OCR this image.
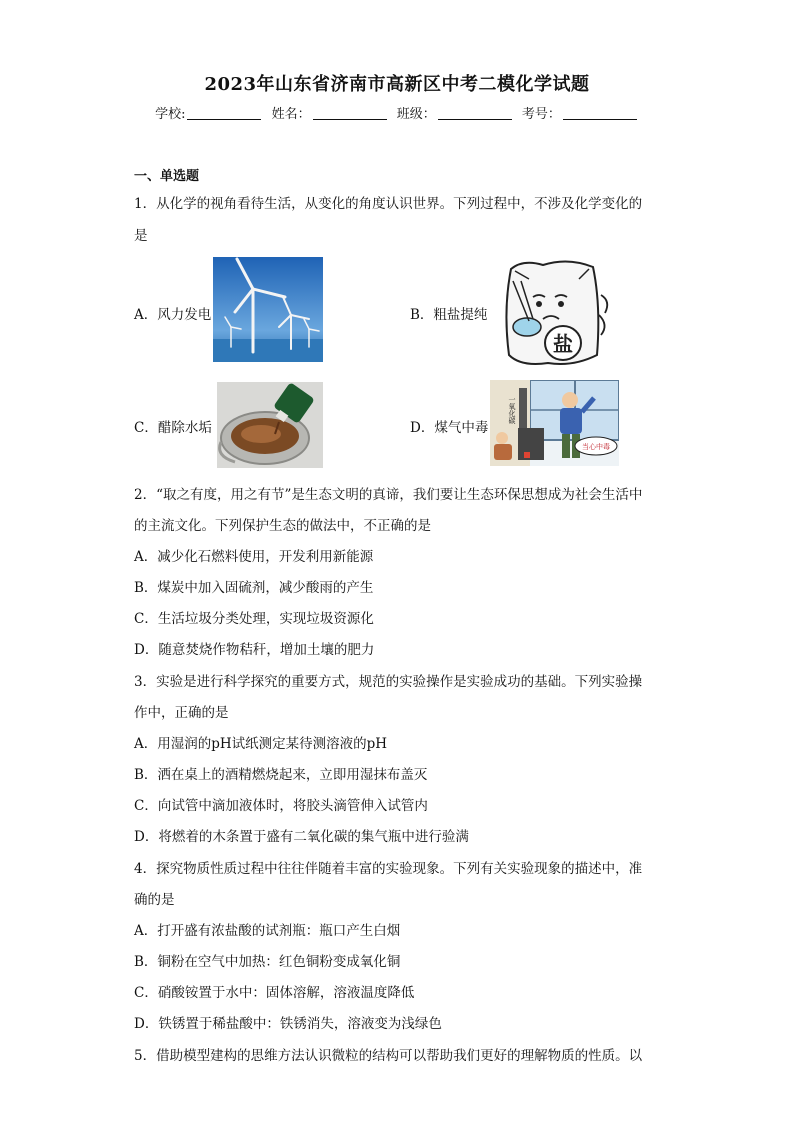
2023年山东省济南市高新区中考二模化学试题
学校:	姓名：	班级：	考号：
一、单选题
1．从化学的视角看待生活，从变化的角度认识世界。下列过程中，不涉及化学变化的
是
A．风力发电	B．粗盐提纯
盐
C．醋除水垢	D．煤气中毒
一氧化碳
当心中毒
2．“取之有度，用之有节”是生态文明的真谛，我们要让生态环保思想成为社会生活中
的主流文化。下列保护生态的做法中，不正确的是
A．减少化石燃料使用，开发利用新能源
B．煤炭中加入固硫剂，减少酸雨的产生
C．生活垃圾分类处理，实现垃圾资源化
D．随意焚烧作物秸秆，增加土壤的肥力
3．实验是进行科学探究的重要方式，规范的实验操作是实验成功的基础。下列实验操
作中，正确的是
A．用湿润的pH试纸测定某待测溶液的pH
B．洒在桌上的酒精燃烧起来，立即用湿抹布盖灭
C．向试管中滴加液体时，将胶头滴管伸入试管内
D．将燃着的木条置于盛有二氧化碳的集气瓶中进行验满
4．探究物质性质过程中往往伴随着丰富的实验现象。下列有关实验现象的描述中，准
确的是
A．打开盛有浓盐酸的试剂瓶：瓶口产生白烟
B．铜粉在空气中加热：红色铜粉变成氧化铜
C．硝酸铵置于水中：固体溶解，溶液温度降低
D．铁锈置于稀盐酸中：铁锈消失，溶液变为浅绿色
5．借助模型建构的思维方法认识微粒的结构可以帮助我们更好的理解物质的性质。以
